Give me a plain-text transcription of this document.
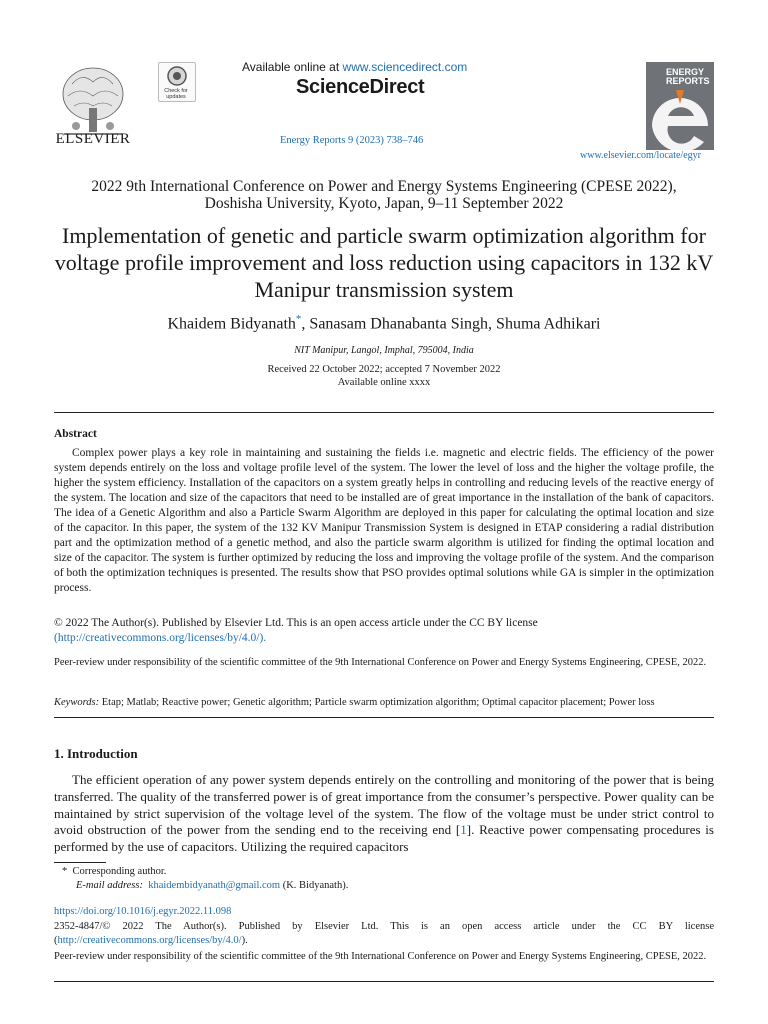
ELSEVIER
Check for updates
Available online at www.sciencedirect.com
ScienceDirect
Energy Reports 9 (2023) 738–746
ENERGY REPORTS
www.elsevier.com/locate/egyr
2022 9th International Conference on Power and Energy Systems Engineering (CPESE 2022),
Doshisha University, Kyoto, Japan, 9–11 September 2022
Implementation of genetic and particle swarm optimization algorithm for voltage profile improvement and loss reduction using capacitors in 132 kV Manipur transmission system
Khaidem Bidyanath*, Sanasam Dhanabanta Singh, Shuma Adhikari
NIT Manipur, Langol, Imphal, 795004, India
Received 22 October 2022; accepted 7 November 2022
Available online xxxx
Abstract
Complex power plays a key role in maintaining and sustaining the fields i.e. magnetic and electric fields. The efficiency of the power system depends entirely on the loss and voltage profile level of the system. The lower the level of loss and the higher the voltage profile, the higher the system efficiency. Installation of the capacitors on a system greatly helps in controlling and reducing levels of the reactive energy of the system. The location and size of the capacitors that need to be installed are of great importance in the installation of the bank of capacitors. The idea of a Genetic Algorithm and also a Particle Swarm Algorithm are deployed in this paper for calculating the optimal location and size of the capacitor. In this paper, the system of the 132 KV Manipur Transmission System is designed in ETAP considering a radial distribution part and the optimization method of a genetic method, and also the particle swarm algorithm is utilized for finding the optimal location and size of the capacitor. The system is further optimized by reducing the loss and improving the voltage profile of the system. And the comparison of both the optimization techniques is presented. The results show that PSO provides optimal solutions while GA is simpler in the optimization process.
© 2022 The Author(s). Published by Elsevier Ltd. This is an open access article under the CC BY license
(http://creativecommons.org/licenses/by/4.0/).
Peer-review under responsibility of the scientific committee of the 9th International Conference on Power and Energy Systems Engineering, CPESE, 2022.
Keywords: Etap; Matlab; Reactive power; Genetic algorithm; Particle swarm optimization algorithm; Optimal capacitor placement; Power loss
1. Introduction
The efficient operation of any power system depends entirely on the controlling and monitoring of the power that is being transferred. The quality of the transferred power is of great importance from the consumer’s perspective. Power quality can be maintained by strict supervision of the voltage level of the system. The flow of the voltage must be under strict control to avoid obstruction of the power from the sending end to the receiving end [1]. Reactive power compensating procedures is performed by the use of capacitors. Utilizing the required capacitors
* Corresponding author.
E-mail address: khaidembidyanath@gmail.com (K. Bidyanath).
https://doi.org/10.1016/j.egyr.2022.11.098
2352-4847/© 2022 The Author(s). Published by Elsevier Ltd. This is an open access article under the CC BY license (http://creativecommons.org/licenses/by/4.0/).
Peer-review under responsibility of the scientific committee of the 9th International Conference on Power and Energy Systems Engineering, CPESE, 2022.
